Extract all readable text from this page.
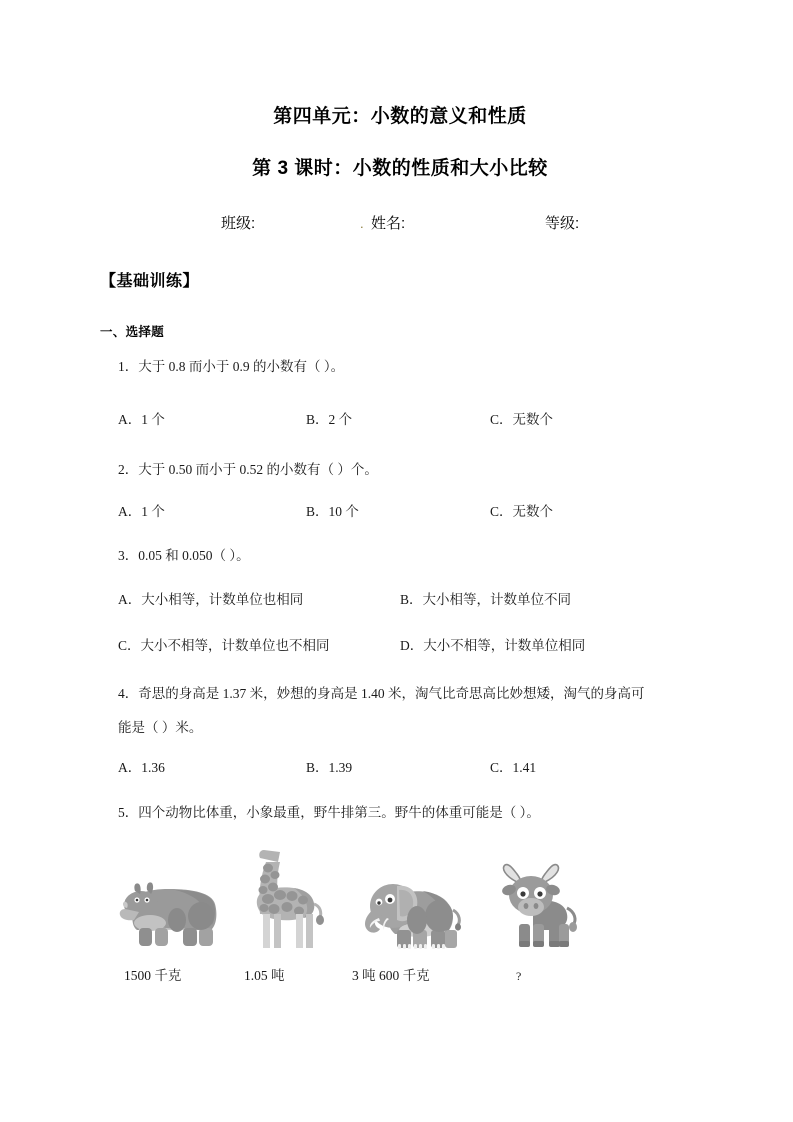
第四单元：小数的意义和性质
第 3 课时：小数的性质和大小比较
班级:	. 姓名:	等级:
【基础训练】
一、选择题
1．大于 0.8 而小于 0.9 的小数有（ ）。
A．1 个	B．2 个	C．无数个
2．大于 0.50 而小于 0.52 的小数有（ ）个。
A．1 个	B．10 个	C．无数个
3．0.05 和 0.050（ ）。
A．大小相等，计数单位也相同	B．大小相等，计数单位不同
C．大小不相等，计数单位也不相同	D．大小不相等，计数单位相同
4．奇思的身高是 1.37 米，妙想的身高是 1.40 米，淘气比奇思高比妙想矮，淘气的身高可
能是（ ）米。
A．1.36	B．1.39	C．1.41
5．四个动物比体重，小象最重，野牛排第三。野牛的体重可能是（ ）。
1500 千克	1.05 吨	3 吨 600 千克	?
